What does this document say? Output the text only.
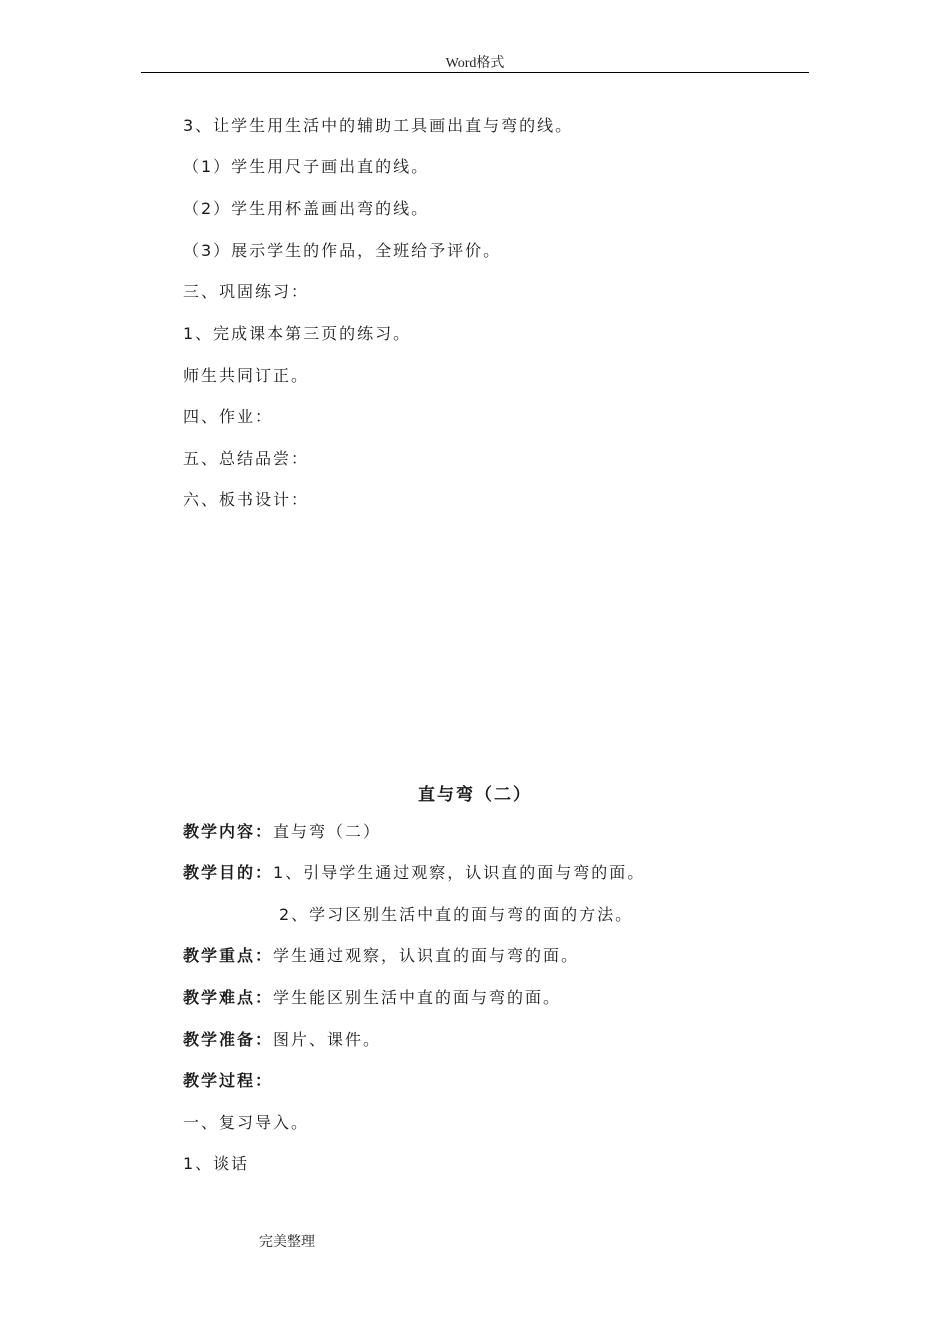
Word格式
3、让学生用生活中的辅助工具画出直与弯的线。
（1）学生用尺子画出直的线。
（2）学生用杯盖画出弯的线。
（3）展示学生的作品，全班给予评价。
三、巩固练习：
1、完成课本第三页的练习。
师生共同订正。
四、作业：
五、总结品尝：
六、板书设计：
直与弯（二）
教学内容：直与弯（二）
教学目的：1、引导学生通过观察，认识直的面与弯的面。
2、学习区别生活中直的面与弯的面的方法。
教学重点：学生通过观察，认识直的面与弯的面。
教学难点：学生能区别生活中直的面与弯的面。
教学准备：图片、课件。
教学过程：
一、复习导入。
1、谈话
完美整理
